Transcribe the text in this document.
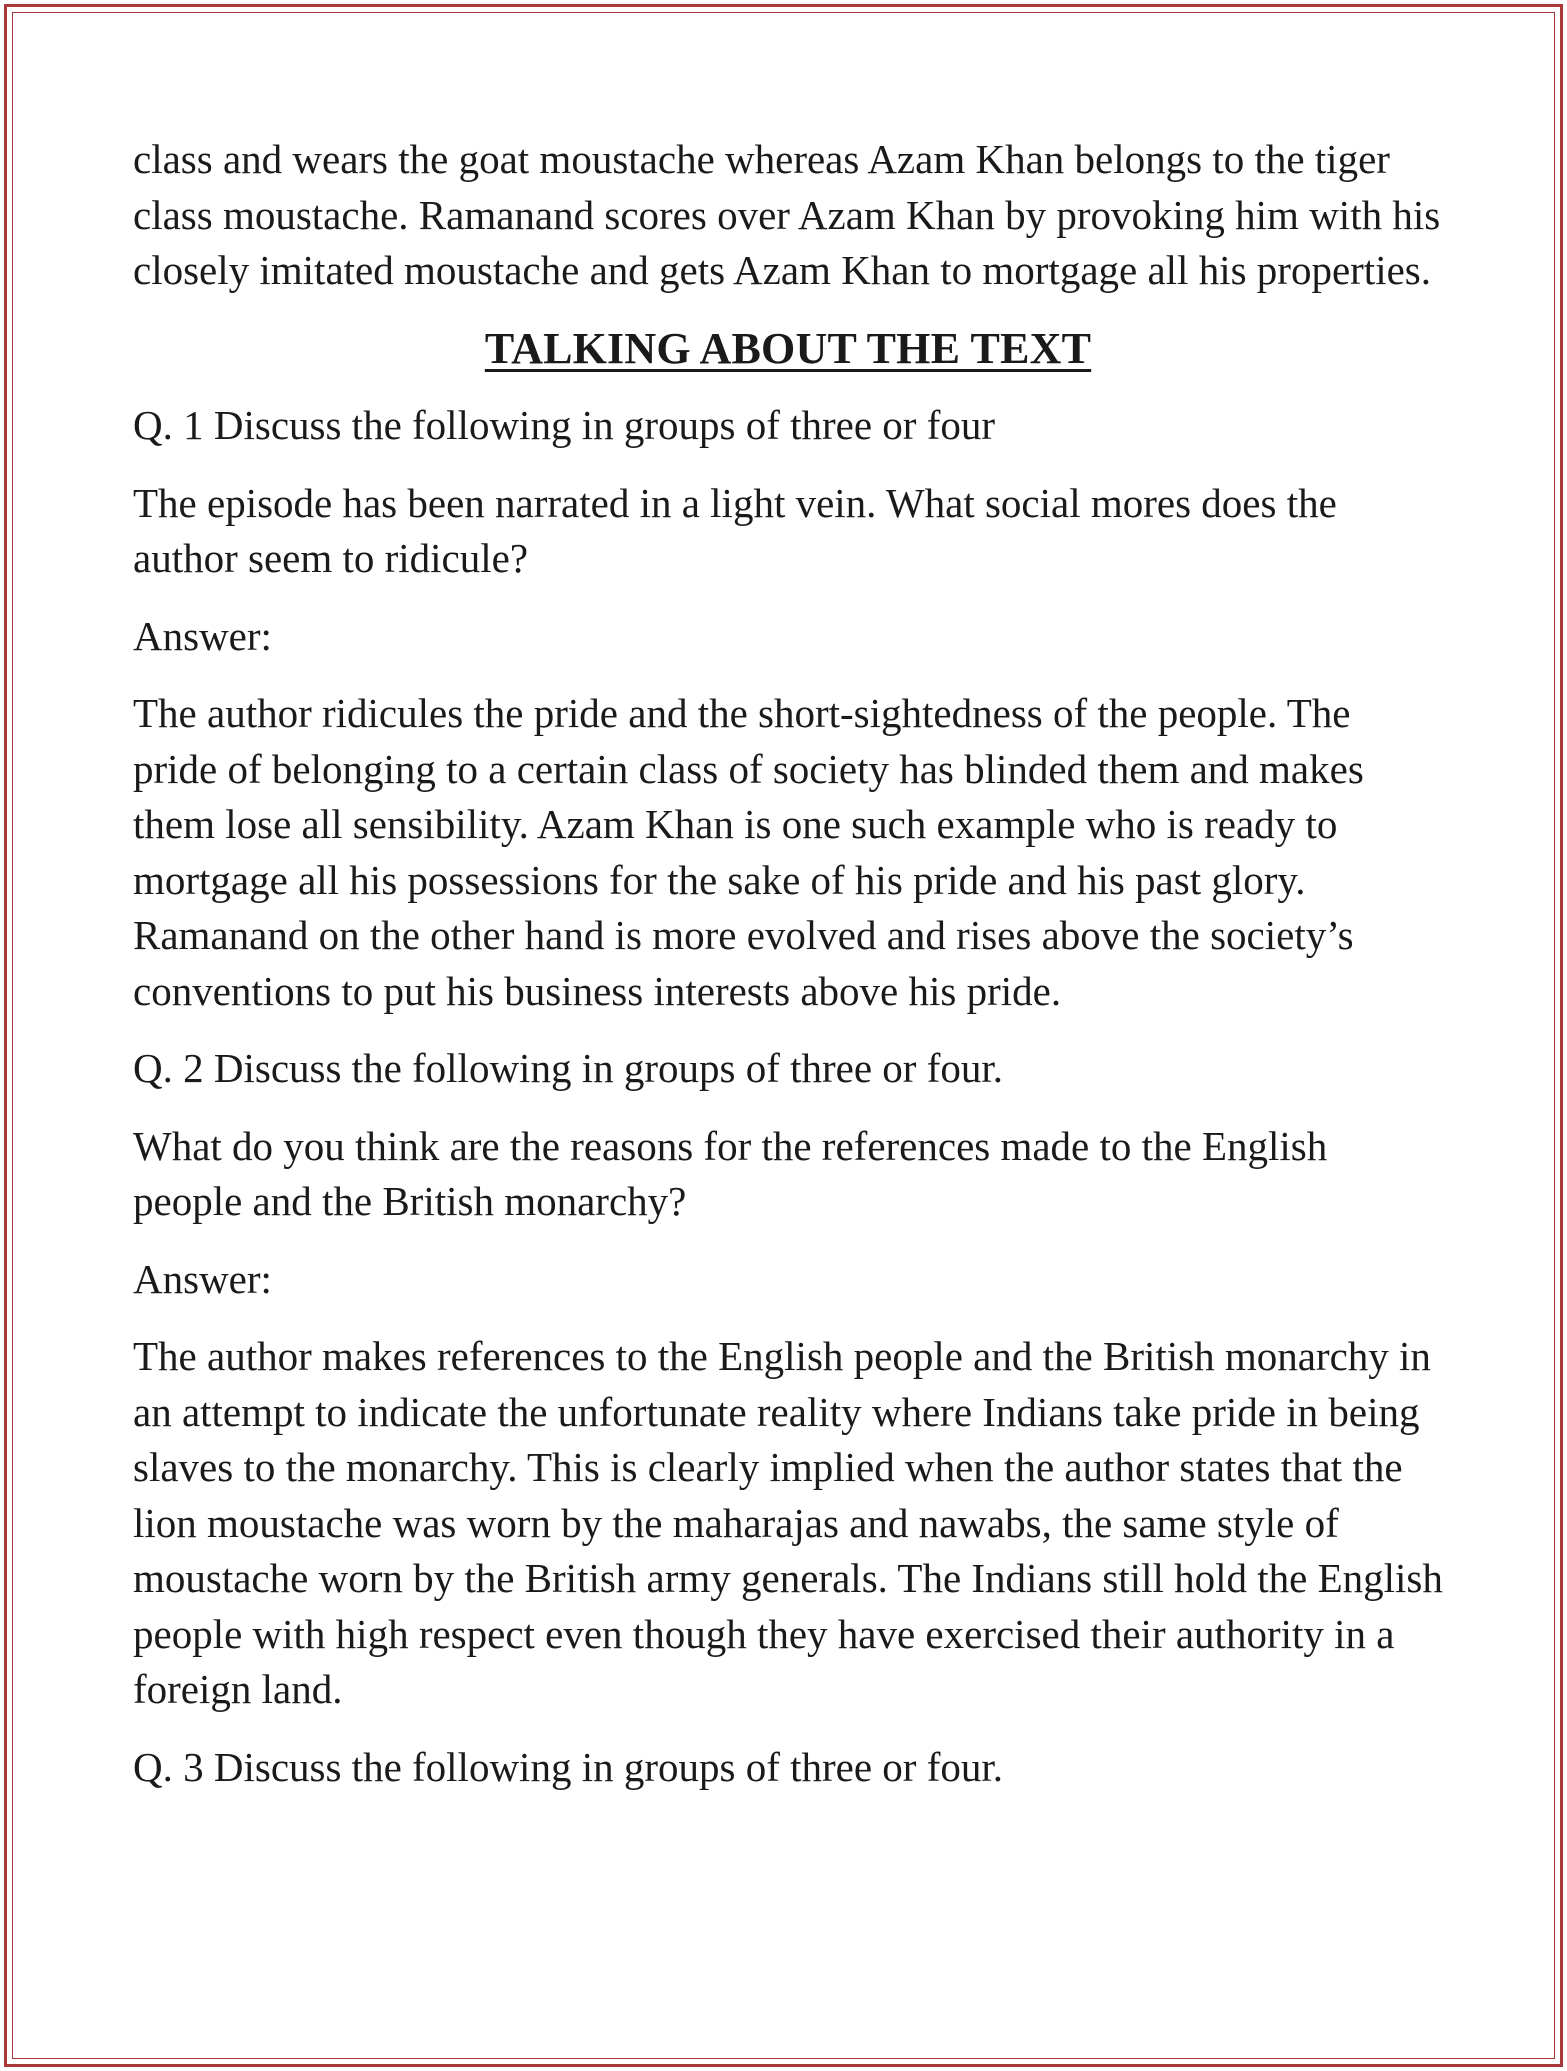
class and wears the goat moustache whereas Azam Khan belongs to the tiger class moustache. Ramanand scores over Azam Khan by provoking him with his closely imitated moustache and gets Azam Khan to mortgage all his properties.

TALKING ABOUT THE TEXT

Q. 1 Discuss the following in groups of three or four

The episode has been narrated in a light vein. What social mores does the author seem to ridicule?

Answer:

The author ridicules the pride and the short-sightedness of the people. The pride of belonging to a certain class of society has blinded them and makes them lose all sensibility. Azam Khan is one such example who is ready to mortgage all his possessions for the sake of his pride and his past glory. Ramanand on the other hand is more evolved and rises above the society’s conventions to put his business interests above his pride.

Q. 2 Discuss the following in groups of three or four.

What do you think are the reasons for the references made to the English people and the British monarchy?

Answer:

The author makes references to the English people and the British monarchy in an attempt to indicate the unfortunate reality where Indians take pride in being slaves to the monarchy. This is clearly implied when the author states that the lion moustache was worn by the maharajas and nawabs, the same style of moustache worn by the British army generals. The Indians still hold the English people with high respect even though they have exercised their authority in a foreign land.

Q. 3 Discuss the following in groups of three or four.
